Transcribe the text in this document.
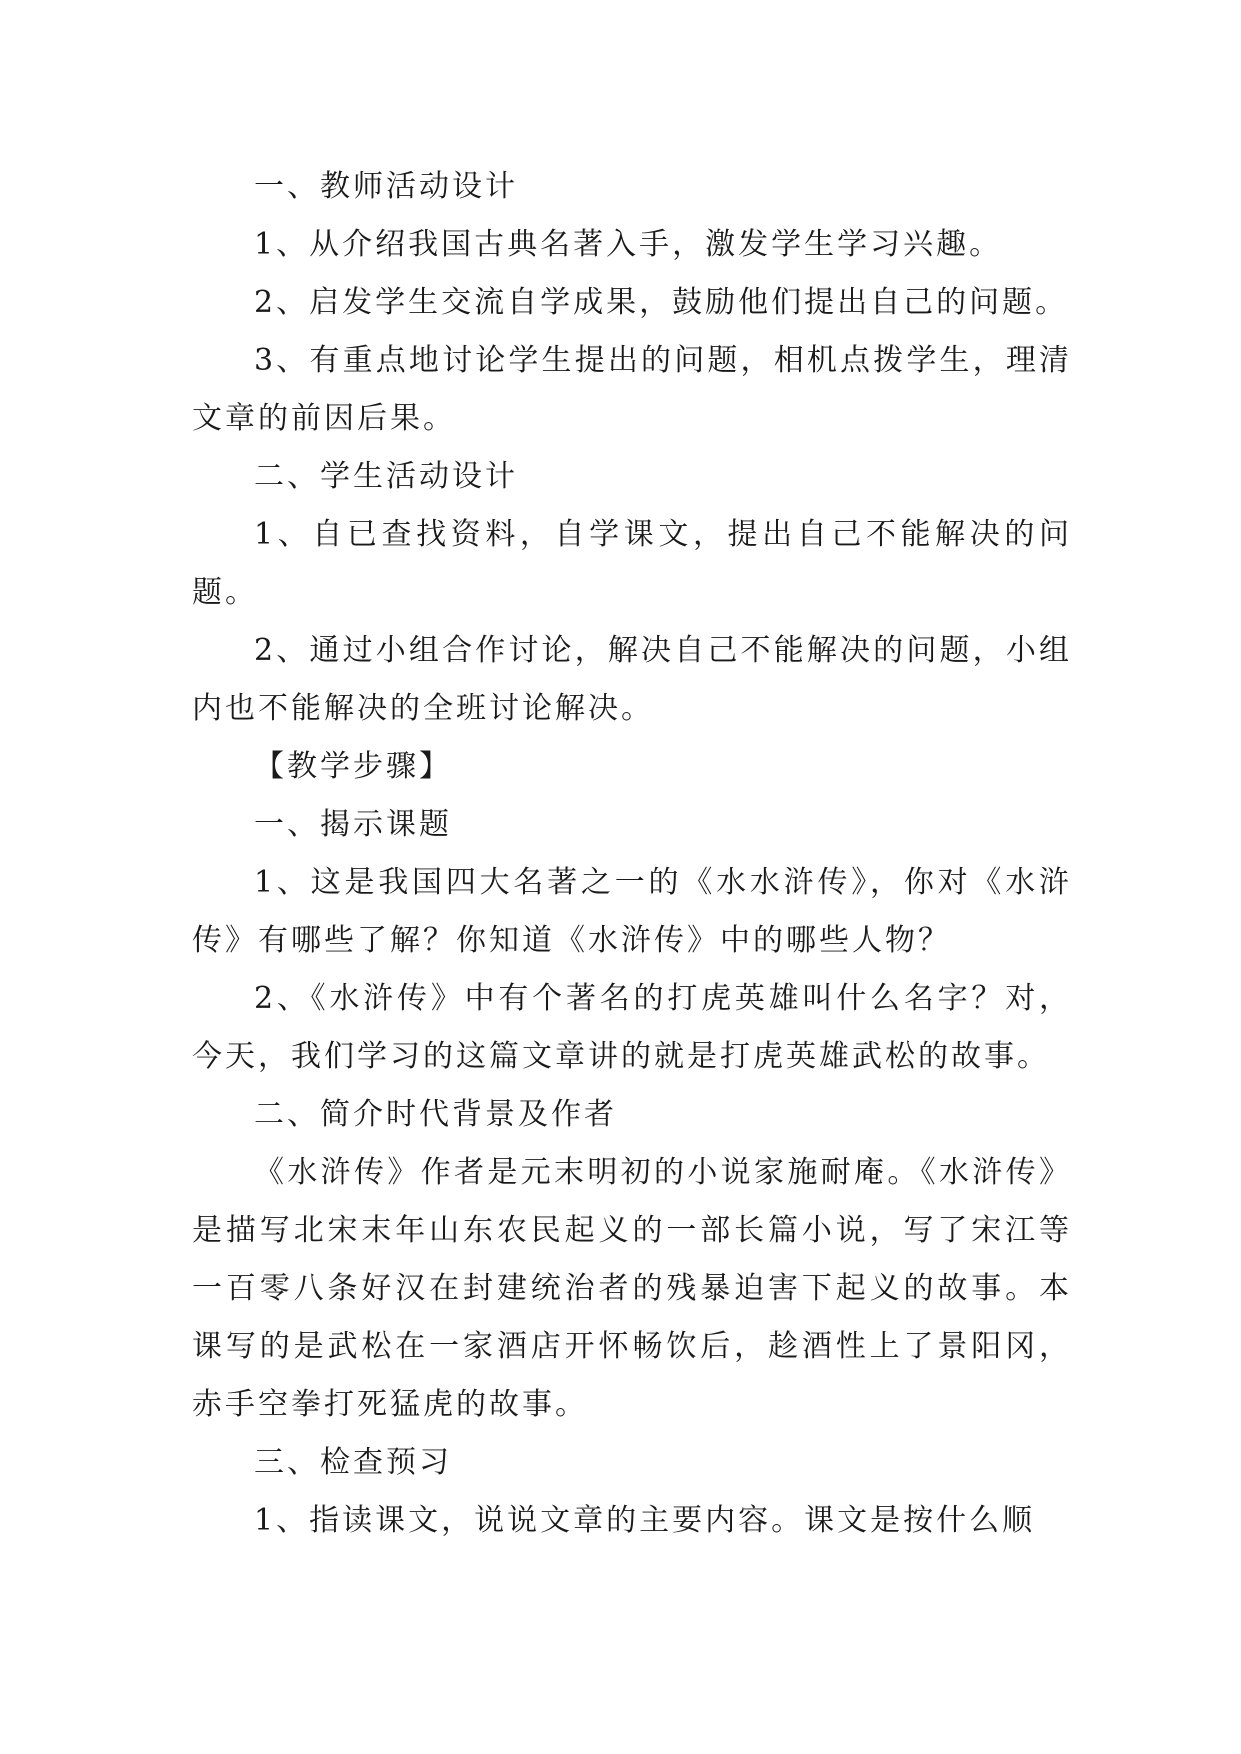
一、教师活动设计

1、从介绍我国古典名著入手，激发学生学习兴趣。

2、启发学生交流自学成果，鼓励他们提出自己的问题。

3、有重点地讨论学生提出的问题，相机点拨学生，理清文章的前因后果。

二、学生活动设计

1、自已查找资料，自学课文，提出自己不能解决的问题。

2、通过小组合作讨论，解决自己不能解决的问题，小组内也不能解决的全班讨论解决。

【教学步骤】

一、揭示课题

1、这是我国四大名著之一的《水水浒传》，你对《水浒传》有哪些了解？你知道《水浒传》中的哪些人物？

2、《水浒传》中有个著名的打虎英雄叫什么名字？对，今天，我们学习的这篇文章讲的就是打虎英雄武松的故事。

二、简介时代背景及作者

《水浒传》作者是元末明初的小说家施耐庵。《水浒传》是描写北宋末年山东农民起义的一部长篇小说，写了宋江等一百零八条好汉在封建统治者的残暴迫害下起义的故事。本课写的是武松在一家酒店开怀畅饮后，趁酒性上了景阳冈，赤手空拳打死猛虎的故事。

三、检查预习

1、指读课文，说说文章的主要内容。课文是按什么顺
